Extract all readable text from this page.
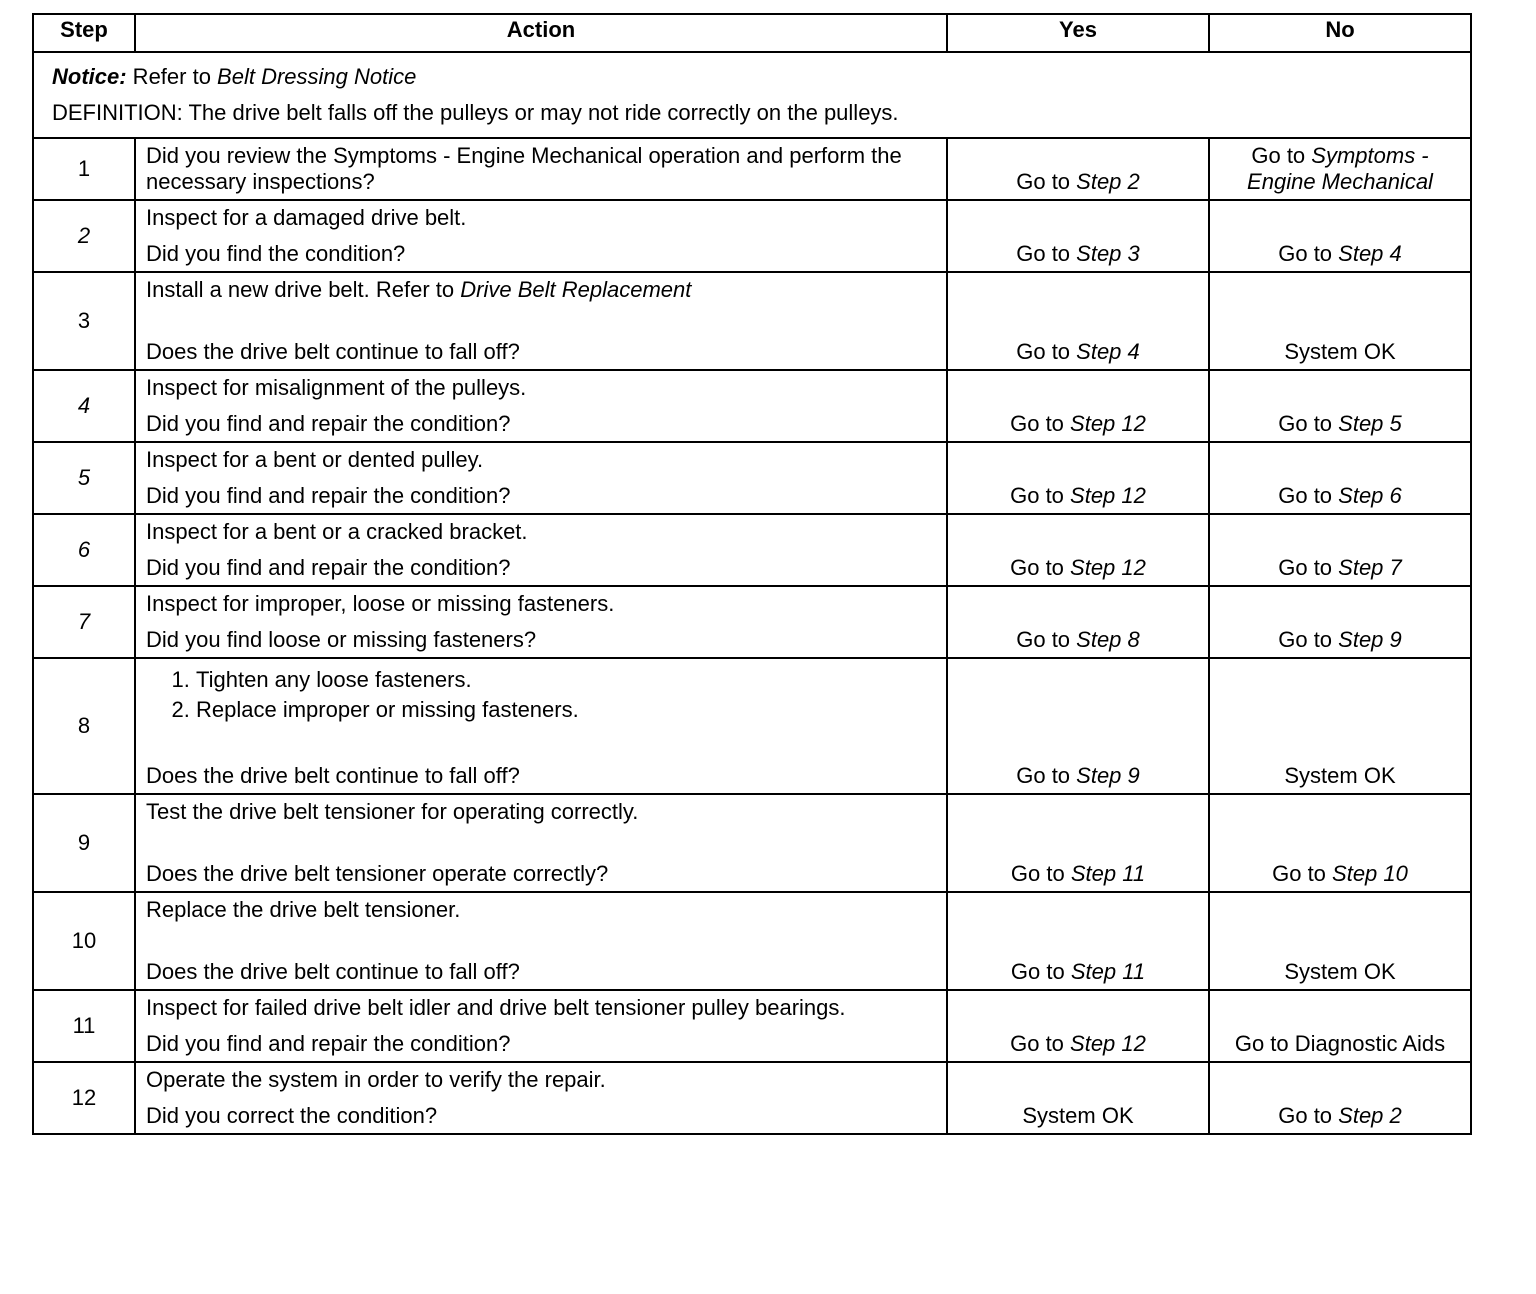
Step	Action	Yes	No
Notice: Refer to Belt Dressing Notice
DEFINITION: The drive belt falls off the pulleys or may not ride correctly on the pulleys.			
1	Did you review the Symptoms - Engine Mechanical operation and perform the necessary inspections?	Go to Step 2	Go to Symptoms - Engine Mechanical
2	Inspect for a damaged drive belt.
Did you find the condition?	Go to Step 3	Go to Step 4
3	Install a new drive belt. Refer to Drive Belt Replacement
Does the drive belt continue to fall off?	Go to Step 4	System OK
4	Inspect for misalignment of the pulleys.
Did you find and repair the condition?	Go to Step 12	Go to Step 5
5	Inspect for a bent or dented pulley.
Did you find and repair the condition?	Go to Step 12	Go to Step 6
6	Inspect for a bent or a cracked bracket.
Did you find and repair the condition?	Go to Step 12	Go to Step 7
7	Inspect for improper, loose or missing fasteners.
Did you find loose or missing fasteners?	Go to Step 8	Go to Step 9
8	
1. Tighten any loose fasteners.
2. Replace improper or missing fasteners.
Does the drive belt continue to fall off?	Go to Step 9	System OK
9	Test the drive belt tensioner for operating correctly.
Does the drive belt tensioner operate correctly?	Go to Step 11	Go to Step 10
10	Replace the drive belt tensioner.
Does the drive belt continue to fall off?	Go to Step 11	System OK
11	Inspect for failed drive belt idler and drive belt tensioner pulley bearings.
Did you find and repair the condition?	Go to Step 12	Go to Diagnostic Aids
12	Operate the system in order to verify the repair.
Did you correct the condition?	System OK	Go to Step 2
